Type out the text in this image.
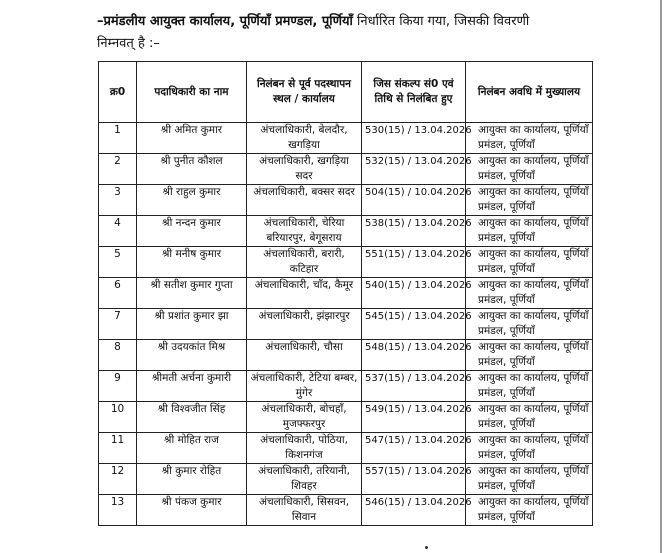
–प्रमंडलीय आयुक्त कार्यालय, पूर्णियाँ प्रमण्डल, पूर्णियाँ निर्धारित किया गया, जिसकी विवरणी
निम्नवत् है :–
क्र0	पदाधिकारी का नाम	निलंबन से पूर्व पदस्थापन स्थल / कार्यालय	जिस संकल्प सं0 एवं तिथि से निलंबित हुए	निलंबन अवधि में मुख्यालय
1	श्री अमित कुमार	अंचलाधिकारी, बेलदौर, खगड़िया	530(15) / 13.04.2026	आयुक्त का कार्यालय, पूर्णियाँ प्रमंडल, पूर्णियाँ
2	श्री पुनीत कौशल	अंचलाधिकारी, खगड़िया सदर	532(15) / 13.04.2026	आयुक्त का कार्यालय, पूर्णियाँ प्रमंडल, पूर्णियाँ
3	श्री राहुल कुमार	अंचलाधिकारी, बक्सर सदर	504(15) / 10.04.2026	आयुक्त का कार्यालय, पूर्णियाँ प्रमंडल, पूर्णियाँ
4	श्री नन्दन कुमार	अंचलाधिकारी, चेरिया बरियारपुर, बेगूसराय	538(15) / 13.04.2026	आयुक्त का कार्यालय, पूर्णियाँ प्रमंडल, पूर्णियाँ
5	श्री मनीष कुमार	अंचलाधिकारी, बरारी, कटिहार	551(15) / 13.04.2026	आयुक्त का कार्यालय, पूर्णियाँ प्रमंडल, पूर्णियाँ
6	श्री सतीश कुमार गुप्ता	अंचलाधिकारी, चाँद, कैमूर	540(15) / 13.04.2026	आयुक्त का कार्यालय, पूर्णियाँ प्रमंडल, पूर्णियाँ
7	श्री प्रशांत कुमार झा	अंचलाधिकारी, झंझारपुर	545(15) / 13.04.2026	आयुक्त का कार्यालय, पूर्णियाँ प्रमंडल, पूर्णियाँ
8	श्री उदयकांत मिश्र	अंचलाधिकारी, चौसा	548(15) / 13.04.2026	आयुक्त का कार्यालय, पूर्णियाँ प्रमंडल, पूर्णियाँ
9	श्रीमती अर्चना कुमारी	अंचलाधिकारी, टेटिया बम्बर, मुंगेर	537(15) / 13.04.2026	आयुक्त का कार्यालय, पूर्णियाँ प्रमंडल, पूर्णियाँ
10	श्री विश्वजीत सिंह	अंचलाधिकारी, बोचहाँ, मुजफ्फरपुर	549(15) / 13.04.2026	आयुक्त का कार्यालय, पूर्णियाँ प्रमंडल, पूर्णियाँ
11	श्री मोहित राज	अंचलाधिकारी, पोठिया, किशनगंज	547(15) / 13.04.2026	आयुक्त का कार्यालय, पूर्णियाँ प्रमंडल, पूर्णियाँ
12	श्री कुमार रोहित	अंचलाधिकारी, तरियानी, शिवहर	557(15) / 13.04.2026	आयुक्त का कार्यालय, पूर्णियाँ प्रमंडल, पूर्णियाँ
13	श्री पंकज कुमार	अंचलाधिकारी, सिसवन, सिवान	546(15) / 13.04.2026	आयुक्त का कार्यालय, पूर्णियाँ प्रमंडल, पूर्णियाँ
